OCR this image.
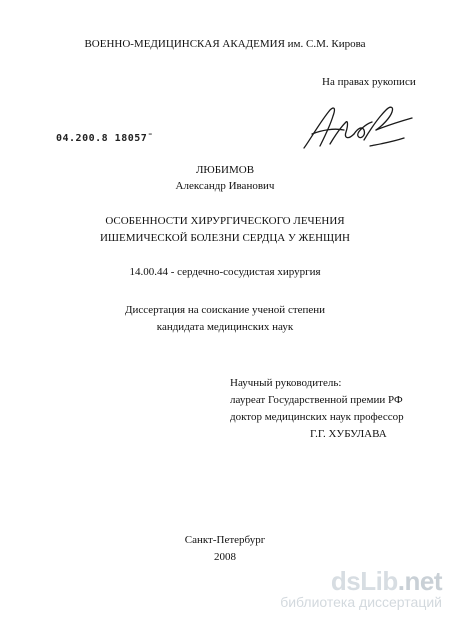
ВОЕННО-МЕДИЦИНСКАЯ АКАДЕМИЯ им. С.М. Кирова
На правах рукописи
04.200.8 18057¯
ЛЮБИМОВ
Александр Иванович
ОСОБЕННОСТИ ХИРУРГИЧЕСКОГО ЛЕЧЕНИЯ
ИШЕМИЧЕСКОЙ БОЛЕЗНИ СЕРДЦА У ЖЕНЩИН
14.00.44 - сердечно-сосудистая хирургия
Диссертация на соискание ученой степени
кандидата медицинских наук
Научный руководитель:
лауреат Государственной премии РФ
доктор медицинских наук профессор
Г.Г. ХУБУЛАВА
Санкт-Петербург
2008
dsLib.net
библиотека диссертаций
